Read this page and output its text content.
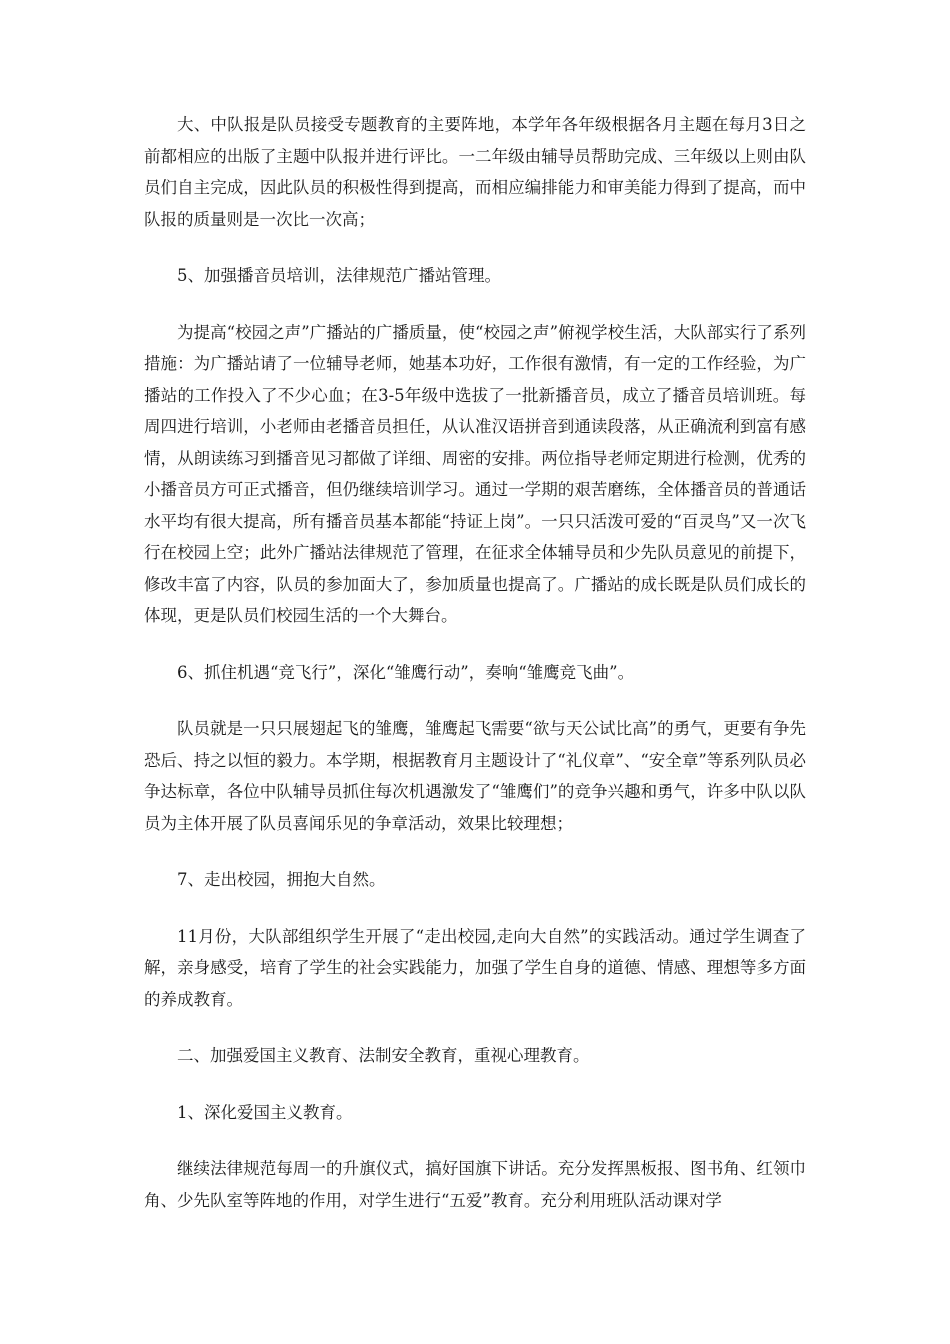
大、中队报是队员接受专题教育的主要阵地，本学年各年级根据各月主题在每月3日之前都相应的出版了主题中队报并进行评比。一二年级由辅导员帮助完成、三年级以上则由队员们自主完成，因此队员的积极性得到提高，而相应编排能力和审美能力得到了提高，而中队报的质量则是一次比一次高；

5、加强播音员培训，法律规范广播站管理。

为提高“校园之声”广播站的广播质量，使“校园之声”俯视学校生活，大队部实行了系列措施：为广播站请了一位辅导老师，她基本功好，工作很有激情，有一定的工作经验，为广播站的工作投入了不少心血；在3-5年级中选拔了一批新播音员，成立了播音员培训班。每周四进行培训，小老师由老播音员担任，从认准汉语拼音到通读段落，从正确流利到富有感情，从朗读练习到播音见习都做了详细、周密的安排。两位指导老师定期进行检测，优秀的小播音员方可正式播音，但仍继续培训学习。通过一学期的艰苦磨练，全体播音员的普通话水平均有很大提高，所有播音员基本都能“持证上岗”。一只只活泼可爱的“百灵鸟”又一次飞行在校园上空；此外广播站法律规范了管理，在征求全体辅导员和少先队员意见的前提下，修改丰富了内容，队员的参加面大了，参加质量也提高了。广播站的成长既是队员们成长的体现，更是队员们校园生活的一个大舞台。

6、抓住机遇“竞飞行”，深化“雏鹰行动”，奏响“雏鹰竞飞曲”。

队员就是一只只展翅起飞的雏鹰，雏鹰起飞需要“欲与天公试比高”的勇气，更要有争先恐后、持之以恒的毅力。本学期，根据教育月主题设计了“礼仪章”、“安全章”等系列队员必争达标章，各位中队辅导员抓住每次机遇激发了“雏鹰们”的竞争兴趣和勇气，许多中队以队员为主体开展了队员喜闻乐见的争章活动，效果比较理想；

7、走出校园，拥抱大自然。

11月份，大队部组织学生开展了“走出校园,走向大自然”的实践活动。通过学生调查了解，亲身感受，培育了学生的社会实践能力，加强了学生自身的道德、情感、理想等多方面的养成教育。

二、加强爱国主义教育、法制安全教育，重视心理教育。

1、深化爱国主义教育。

继续法律规范每周一的升旗仪式，搞好国旗下讲话。充分发挥黑板报、图书角、红领巾角、少先队室等阵地的作用，对学生进行“五爱”教育。充分利用班队活动课对学
